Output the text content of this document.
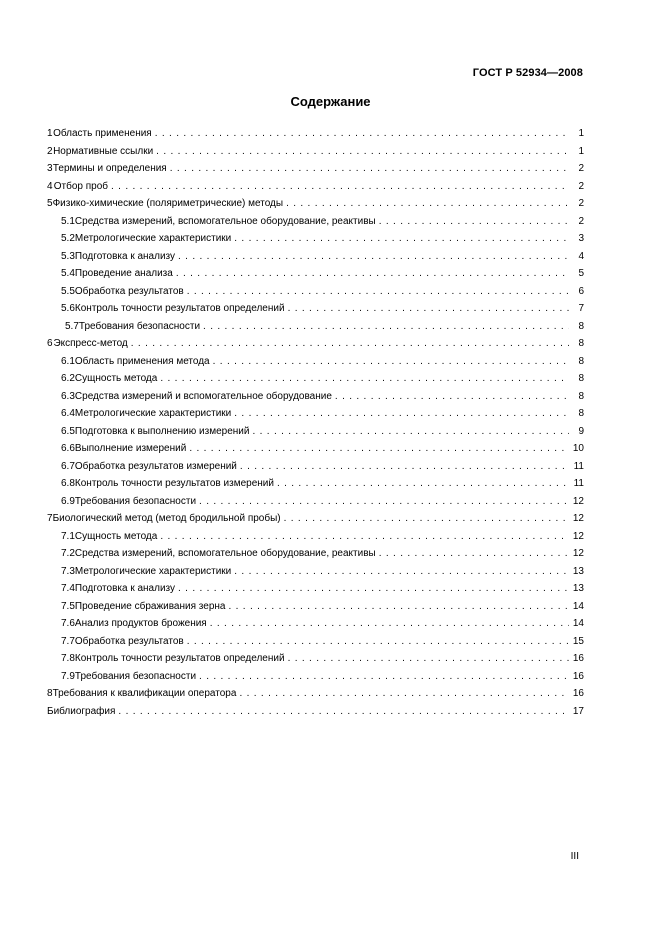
ГОСТ Р 52934—2008
Содержание
1 Область применения . . .	1
2 Нормативные ссылки . . .	1
3 Термины и определения . . .	2
4 Отбор проб . . .	2
5 Физико-химические (поляриметрические) методы . . .	2
5.1 Средства измерений, вспомогательное оборудование, реактивы . . .	2
5.2 Метрологические характеристики . . .	3
5.3 Подготовка к анализу . . .	4
5.4 Проведение анализа . . .	5
5.5 Обработка результатов . . .	6
5.6 Контроль точности результатов определений . . .	7
5.7 Требования безопасности . . .	8
6 Экспресс-метод . . .	8
6.1 Область применения метода . . .	8
6.2 Сущность метода . . .	8
6.3 Средства измерений и вспомогательное оборудование . . .	8
6.4 Метрологические характеристики . . .	8
6.5 Подготовка к выполнению измерений . . .	9
6.6 Выполнение измерений . . .	10
6.7 Обработка результатов измерений . . .	11
6.8 Контроль точности результатов измерений . . .	11
6.9 Требования безопасности . . .	12
7 Биологический метод (метод бродильной пробы) . . .	12
7.1 Сущность метода . . .	12
7.2 Средства измерений, вспомогательное оборудование, реактивы . . .	12
7.3 Метрологические характеристики . . .	13
7.4 Подготовка к анализу . . .	13
7.5 Проведение сбраживания зерна . . .	14
7.6 Анализ продуктов брожения . . .	14
7.7 Обработка результатов . . .	15
7.8 Контроль точности результатов определений . . .	16
7.9 Требования безопасности . . .	16
8 Требования к квалификации оператора . . .	16
Библиография . . .	17
III
